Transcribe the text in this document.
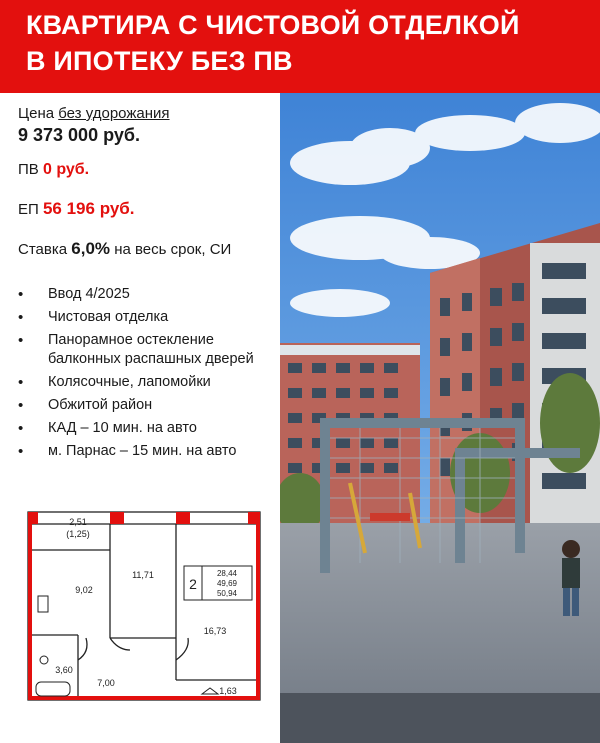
КВАРТИРА С ЧИСТОВОЙ ОТДЕЛКОЙ
В ИПОТЕКУ БЕЗ ПВ
Цена без удорожания
9 373 000 руб.
ПВ 0 руб.
ЕП 56 196 руб.
Ставка 6,0% на весь срок, СИ
• Ввод 4/2025
• Чистовая отделка
• Панорамное остекление
балконных распашных дверей
• Колясочные, лапомойки
• Обжитой район
• КАД – 10 мин. на авто
• м. Парнас – 15 мин. на авто
2,51
(1,25)
9,02
11,71
16,73
3,60
7,00
1,63
2
28,44
49,69
50,94
